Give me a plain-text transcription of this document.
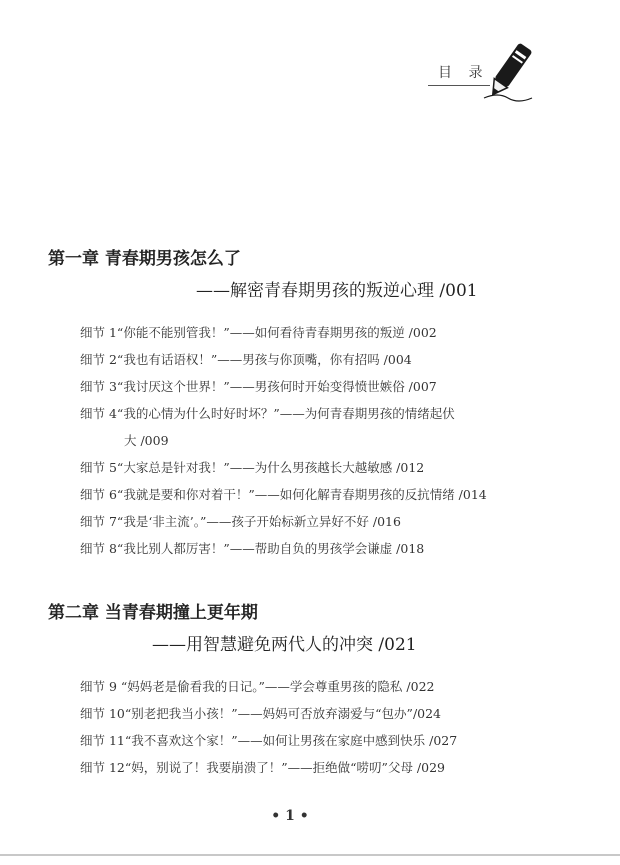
目 录
第一章 青春期男孩怎么了
——解密青春期男孩的叛逆心理 /001
细节 1“你能不能别管我！”——如何看待青春期男孩的叛逆 /002
细节 2“我也有话语权！”——男孩与你顶嘴，你有招吗 /004
细节 3“我讨厌这个世界！”——男孩何时开始变得愤世嫉俗 /007
细节 4“我的心情为什么时好时坏？”——为何青春期男孩的情绪起伏
大 /009
细节 5“大家总是针对我！”——为什么男孩越长大越敏感 /012
细节 6“我就是要和你对着干！”——如何化解青春期男孩的反抗情绪 /014
细节 7“我是‘非主流’。”——孩子开始标新立异好不好 /016
细节 8“我比别人都厉害！”——帮助自负的男孩学会谦虚 /018
第二章 当青春期撞上更年期
——用智慧避免两代人的冲突 /021
细节 9 “妈妈老是偷看我的日记。”——学会尊重男孩的隐私 /022
细节 10“别老把我当小孩！”——妈妈可否放弃溺爱与“包办”/024
细节 11“我不喜欢这个家！”——如何让男孩在家庭中感到快乐 /027
细节 12“妈，别说了！我要崩溃了！”——拒绝做“唠叨”父母 /029
• 1 •
